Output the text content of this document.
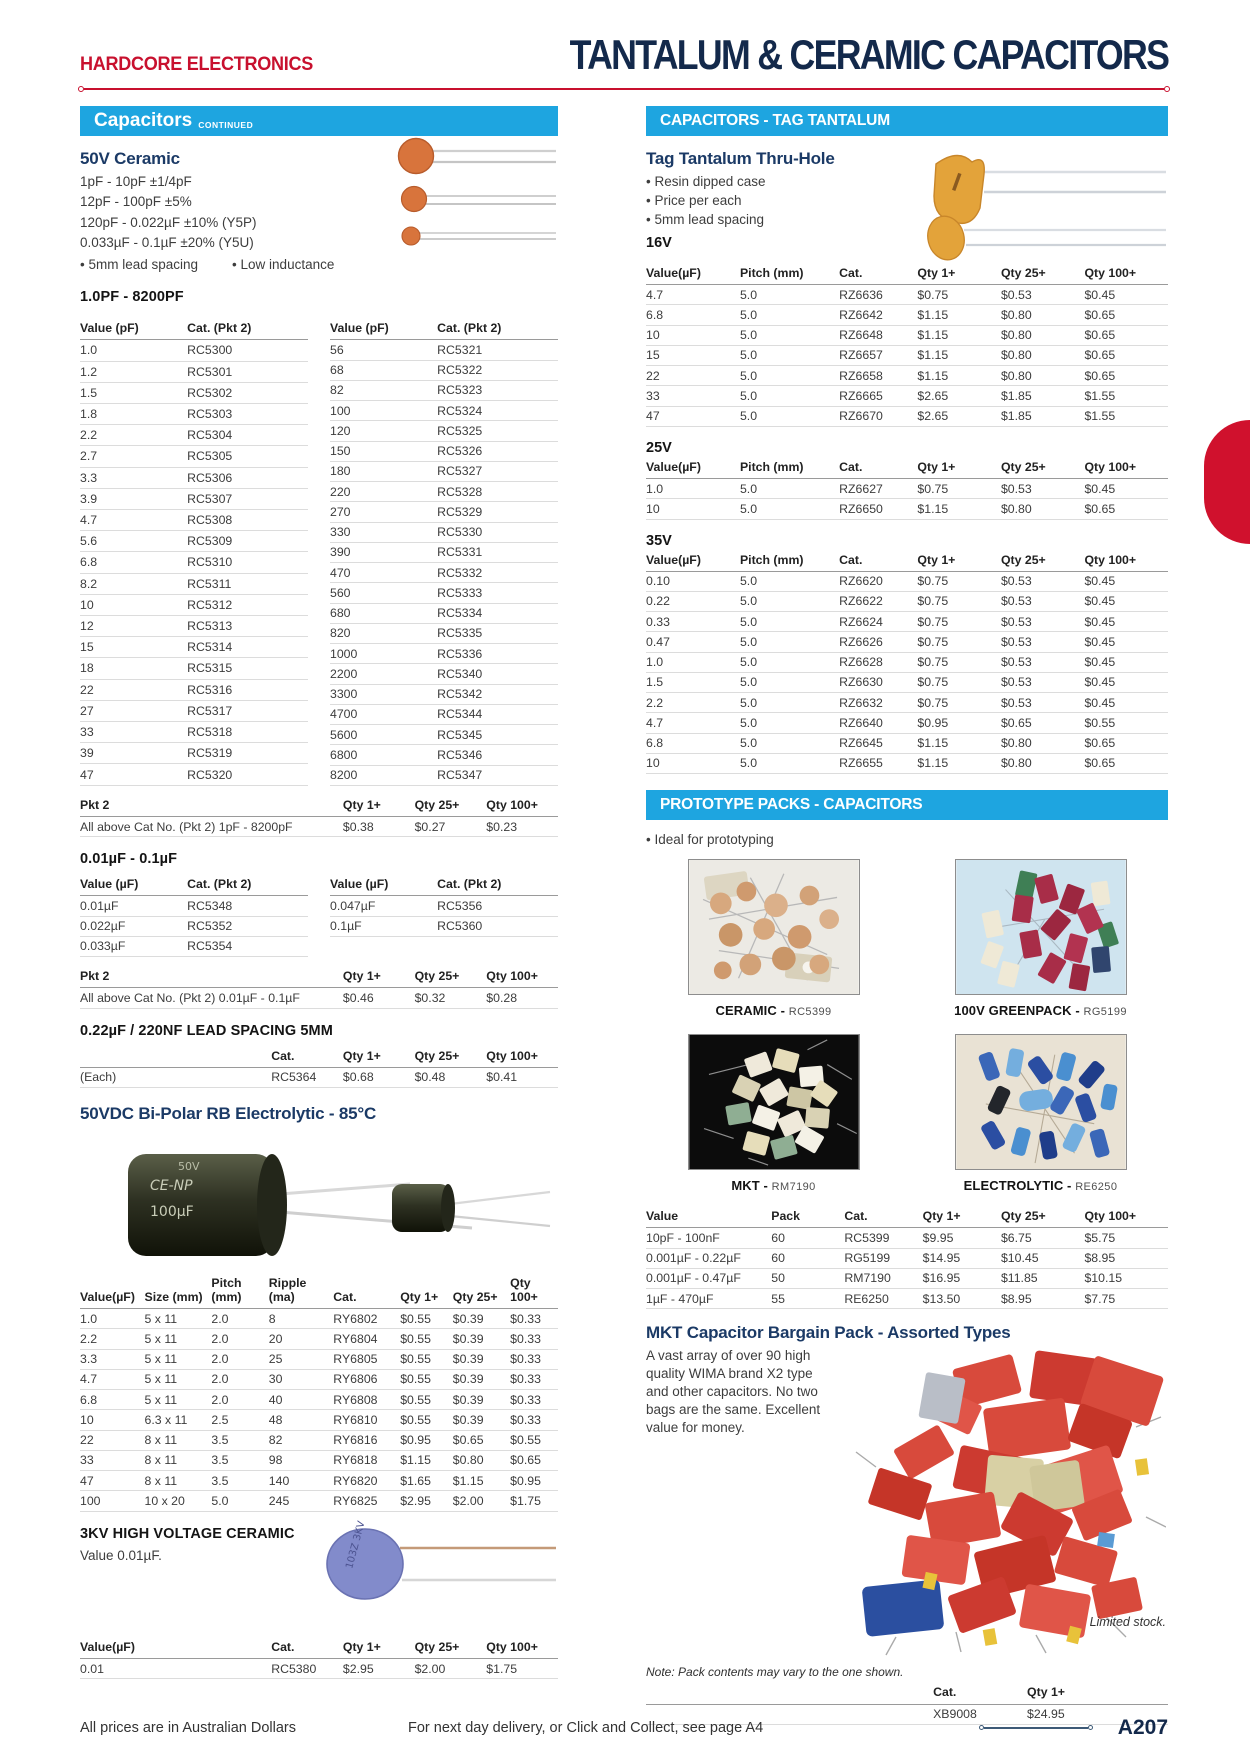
HARDCORE ELECTRONICS	TANTALUM & CERAMIC CAPACITORS
Capacitors CONTINUED
50V Ceramic
1pF - 10pF ±1/4pF
12pF - 100pF ±5%
120pF - 0.022µF ±10% (Y5P)
0.033µF - 0.1µF ±20% (Y5U)
• 5mm lead spacing	• Low inductance
1.0PF - 8200PF
Value (pF)	Cat. (Pkt 2)
1.0	RC5300
1.2	RC5301
1.5	RC5302
1.8	RC5303
2.2	RC5304
2.7	RC5305
3.3	RC5306
3.9	RC5307
4.7	RC5308
5.6	RC5309
6.8	RC5310
8.2	RC5311
10	RC5312
12	RC5313
15	RC5314
18	RC5315
22	RC5316
27	RC5317
33	RC5318
39	RC5319
47	RC5320
Value (pF)	Cat. (Pkt 2)
56	RC5321
68	RC5322
82	RC5323
100	RC5324
120	RC5325
150	RC5326
180	RC5327
220	RC5328
270	RC5329
330	RC5330
390	RC5331
470	RC5332
560	RC5333
680	RC5334
820	RC5335
1000	RC5336
2200	RC5340
3300	RC5342
4700	RC5344
5600	RC5345
6800	RC5346
8200	RC5347
Pkt 2	Qty 1+	Qty 25+	Qty 100+
All above Cat No. (Pkt 2) 1pF - 8200pF	$0.38	$0.27	$0.23
0.01µF - 0.1µF
Value (µF)	Cat. (Pkt 2)
0.01µF	RC5348
0.022µF	RC5352
0.033µF	RC5354
Value (µF)	Cat. (Pkt 2)
0.047µF	RC5356
0.1µF	RC5360
Pkt 2	Qty 1+	Qty 25+	Qty 100+
All above Cat No. (Pkt 2) 0.01µF - 0.1µF	$0.46	$0.32	$0.28
0.22µF / 220NF LEAD SPACING 5MM
	Cat.	Qty 1+	Qty 25+	Qty 100+
(Each)	RC5364	$0.68	$0.48	$0.41
50VDC Bi-Polar RB Electrolytic - 85°C
CE-NP
100µF
50V
Value(µF)	Size (mm)	Pitch (mm)	Ripple (ma)	Cat.	Qty 1+	Qty 25+	Qty 100+
1.0	5 x 11	2.0	8	RY6802	$0.55	$0.39	$0.33
2.2	5 x 11	2.0	20	RY6804	$0.55	$0.39	$0.33
3.3	5 x 11	2.0	25	RY6805	$0.55	$0.39	$0.33
4.7	5 x 11	2.0	30	RY6806	$0.55	$0.39	$0.33
6.8	5 x 11	2.0	40	RY6808	$0.55	$0.39	$0.33
10	6.3 x 11	2.5	48	RY6810	$0.55	$0.39	$0.33
22	8 x 11	3.5	82	RY6816	$0.95	$0.65	$0.55
33	8 x 11	3.5	98	RY6818	$1.15	$0.80	$0.65
47	8 x 11	3.5	140	RY6820	$1.65	$1.15	$0.95
100	10 x 20	5.0	245	RY6825	$2.95	$2.00	$1.75
3KV HIGH VOLTAGE CERAMIC
Value 0.01µF.	103Z 3KV
Value(µF)	Cat.	Qty 1+	Qty 25+	Qty 100+
0.01	RC5380	$2.95	$2.00	$1.75
CAPACITORS - TAG TANTALUM
Tag Tantalum Thru-Hole
• Resin dipped case
• Price per each
• 5mm lead spacing
16V
Value(µF)	Pitch (mm)	Cat.	Qty 1+	Qty 25+	Qty 100+
4.7	5.0	RZ6636	$0.75	$0.53	$0.45
6.8	5.0	RZ6642	$1.15	$0.80	$0.65
10	5.0	RZ6648	$1.15	$0.80	$0.65
15	5.0	RZ6657	$1.15	$0.80	$0.65
22	5.0	RZ6658	$1.15	$0.80	$0.65
33	5.0	RZ6665	$2.65	$1.85	$1.55
47	5.0	RZ6670	$2.65	$1.85	$1.55
25V
Value(µF)	Pitch (mm)	Cat.	Qty 1+	Qty 25+	Qty 100+
1.0	5.0	RZ6627	$0.75	$0.53	$0.45
10	5.0	RZ6650	$1.15	$0.80	$0.65
35V
Value(µF)	Pitch (mm)	Cat.	Qty 1+	Qty 25+	Qty 100+
0.10	5.0	RZ6620	$0.75	$0.53	$0.45
0.22	5.0	RZ6622	$0.75	$0.53	$0.45
0.33	5.0	RZ6624	$0.75	$0.53	$0.45
0.47	5.0	RZ6626	$0.75	$0.53	$0.45
1.0	5.0	RZ6628	$0.75	$0.53	$0.45
1.5	5.0	RZ6630	$0.75	$0.53	$0.45
2.2	5.0	RZ6632	$0.75	$0.53	$0.45
4.7	5.0	RZ6640	$0.95	$0.65	$0.55
6.8	5.0	RZ6645	$1.15	$0.80	$0.65
10	5.0	RZ6655	$1.15	$0.80	$0.65
PROTOTYPE PACKS - CAPACITORS
• Ideal for prototyping
CERAMIC - RC5399	100V GREENPACK - RG5199
MKT - RM7190	ELECTROLYTIC - RE6250
Value	Pack	Cat.	Qty 1+	Qty 25+	Qty 100+
10pF - 100nF	60	RC5399	$9.95	$6.75	$5.75
0.001µF - 0.22µF	60	RG5199	$14.95	$10.45	$8.95
0.001µF - 0.47µF	50	RM7190	$16.95	$11.85	$10.15
1µF - 470µF	55	RE6250	$13.50	$8.95	$7.75
MKT Capacitor Bargain Pack - Assorted Types

A vast array of over 90 high quality WIMA brand X2 type and other capacitors. No two bags are the same. Excellent value for money.

Limited stock.
Note: Pack contents may vary to the one shown.
	Cat.	Qty 1+
	XB9008	$24.95
All prices are in Australian Dollars	For next day delivery, or Click and Collect, see page A4	A207
